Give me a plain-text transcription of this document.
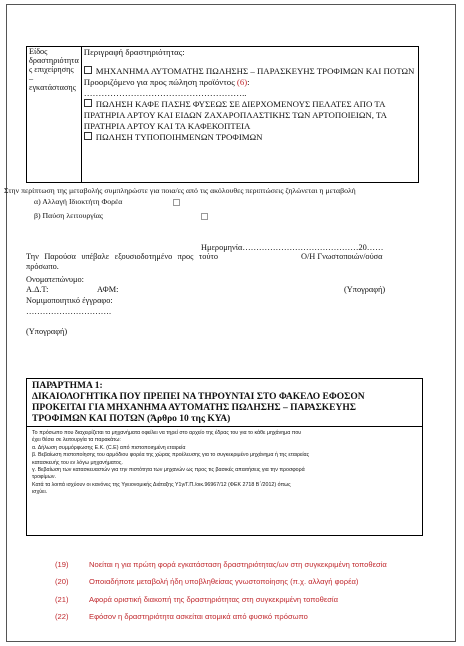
Είδος δραστηριότητα ς επιχείρησης – εγκατάστασης	

Περιγραφή δραστηριότητας:

ΜΗΧΑΝΗΜΑ ΑΥΤΟΜΑΤΗΣ ΠΩΛΗΣΗΣ – ΠΑΡΑΣΚΕΥΗΣ ΤΡΟΦΙΜΩΝ ΚΑΙ ΠΟΤΩΝ

Προοριζόμενο για προς πώληση προϊόντος (6):

………………………………………………..

ΠΩΛΗΣΗ ΚΑΦΕ ΠΑΣΗΣ ΦΥΣΕΩΣ ΣΕ ΔΙΕΡΧΟΜΕΝΟΥΣ ΠΕΛΑΤΕΣ ΑΠΟ ΤΑ ΠΡΑΤΗΡΙΑ ΑΡΤΟΥ ΚΑΙ ΕΙΔΩΝ ΖΑΧΑΡΟΠΛΑΣΤΙΚΗΣ ΤΩΝ ΑΡΤΟΠΟΙΕΙΩΝ, ΤΑ ΠΡΑΤΗΡΙΑ ΑΡΤΟΥ ΚΑΙ ΤΑ ΚΑΦΕΚΟΠΤΕΙΑ

ΠΩΛΗΣΗ ΤΥΠΟΠΟΙΗΜΕΝΩΝ ΤΡΟΦΙΜΩΝ

Στην περίπτωση της μεταβολής συμπληρώστε για ποια/ες από τις ακόλουθες περιπτώσεις ζηλώνεται η μεταβολή
α) Αλλαγή Ιδιοκτήτη Φορέα
β) Παύση λειτουργίας
Ημερομηνία……………………………………20……
Την Παρούσα υπέβαλε εξουσιοδοτημένο προς τούτο πρόσωπο.
Ο/Η Γνωστοποιών/ούσα
Ονοματεπώνυμο:
Α.Δ.Τ:	ΑΦΜ:	(Υπογραφή)
Νομιμοποιητικό έγγραφο:
………………………….
(Υπογραφή)
ΠΑΡΑΡΤΗΜΑ 1:
ΔΙΚΑΙΟΛΟΓΗΤΙΚΑ ΠΟΥ ΠΡΕΠΕΙ ΝΑ ΤΗΡΟΥΝΤΑΙ ΣΤΟ ΦΑΚΕΛΟ ΕΦΟΣΟΝ
ΠΡΟΚΕΙΤΑΙ ΓΙΑ ΜΗΧΑΝΗΜΑ ΑΥΤΟΜΑΤΗΣ ΠΩΛΗΣΗΣ – ΠΑΡΑΣΚΕΥΗΣ
ΤΡΟΦΙΜΩΝ ΚΑΙ ΠΟΤΩΝ (Άρθρο 10 της ΚΥΑ)

Το πρόσωπο που διαχειρίζεται τα μηχανήματα οφείλει να τηρεί στο αρχείο της έδρας του για το κάθε μηχάνημα που

έχει θέσει σε λειτουργία τα παρακάτω:

α. Δήλωση συμμόρφωσης Ε.Κ. (C.E) από πιστοποιημένη εταιρεία

β. Βεβαίωση πιστοποίησης του αρμόδιου φορέα της χώρας προέλευσης για το συγκεκριμένο μηχάνημα ή της εταιρείας

κατασκευής του εν λόγω μηχανήματος.

γ. Βεβαίωση των κατασκευαστών για την πιστότητα των μηχανών ως προς τις βασικές απαιτήσεις για την προσφορά

τροφίμων.

Κατά τα λοιπά ισχύουν οι κανόνες της Υγειονομικής Διάταξης Υ1γ/Γ.Π./οικ.96967/12 (ΦΕΚ 2718 Β΄/2012) όπως

ισχύει.

(19)	Νοείται η για πρώτη φορά εγκατάσταση δραστηριότητας/ων στη συγκεκριμένη τοποθεσία
(20)	Οποιαδήποτε μεταβολή ήδη υποβληθείσας γνωστοποίησης (π.χ. αλλαγή φορέα)
(21)	Αφορά οριστική διακοπή της δραστηριότητας στη συγκεκριμένη τοποθεσία
(22)	Εφόσον η δραστηριότητα ασκείται ατομικά από φυσικό πρόσωπο
